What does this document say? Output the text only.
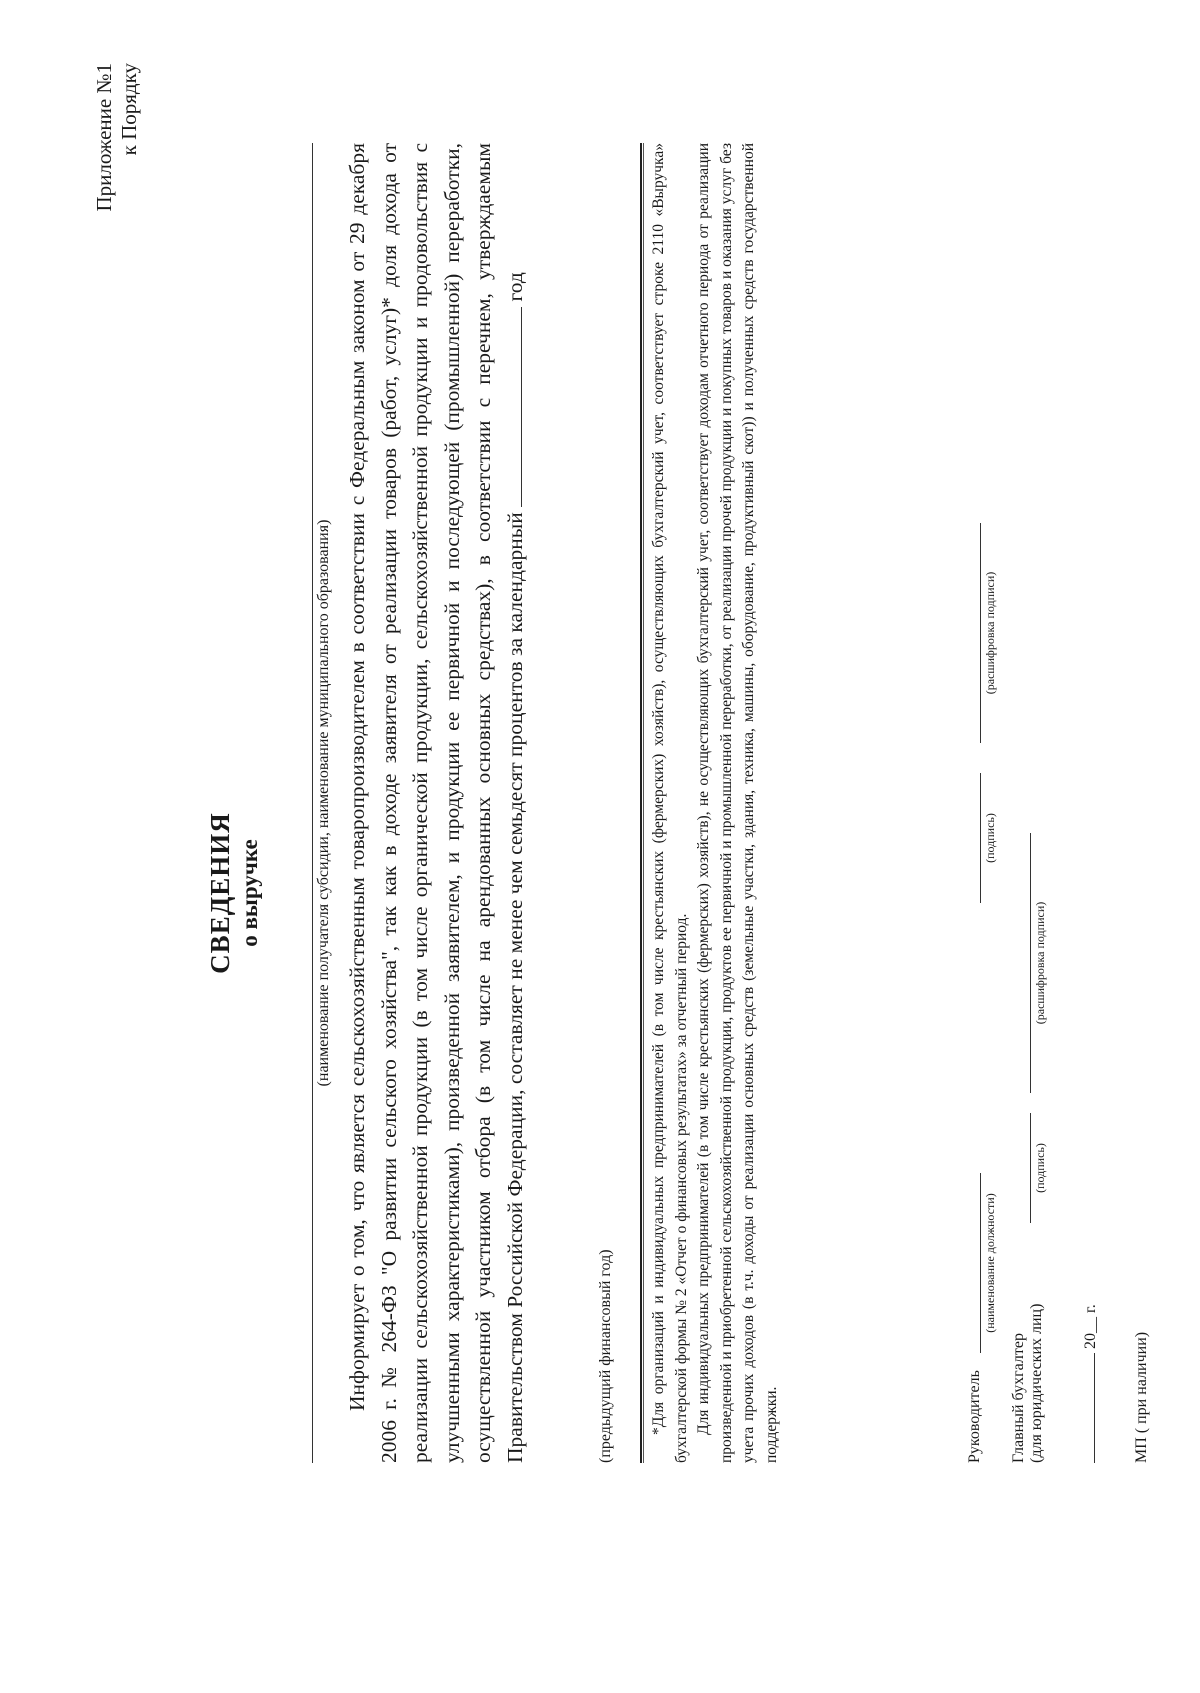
Приложение №1 к Порядку
СВЕДЕНИЯ о выручке	(наименование получателя субсидии, наименование муниципального образования) Информирует о том, что является сельскохозяйственным товаропроизводителем в соответствии с Федеральным законом от 29 декабря 2006 г. № 264-ФЗ "О развитии сельского хозяйства", так как в доходе заявителя от реализации товаров (работ, услуг)* доля дохода от реализации сельскохозяйственной продукции (в том числе органической продукции, сельскохозяйственной продукции и продовольствия с улучшенными характеристиками), произведенной заявителем, и продукции ее первичной и последующей (промышленной) переработки, осуществленной участником отбора (в том числе на арендованных основных средствах), в соответствии с перечнем, утверждаемым Правительством Российской Федерации, составляет не менее чем семьдесят процентов за календарный  год

(предыдущий финансовый год) *Для организаций и индивидуальных предпринимателей (в том числе крестьянских (фермерских) хозяйств), осуществляющих бухгалтерский учет, соответствует строке 2110 «Выручка» бухгалтерской формы № 2 «Отчет о финансовых результатах» за отчетный период. Для индивидуальных предпринимателей (в том числе крестьянских (фермерских) хозяйств), не осуществляющих бухгалтерский учет, соответствует доходам отчетного периода от реализации произведенной и приобретенной сельскохозяйственной продукции, продуктов ее первичной и промышленной переработки, от реализации прочей продукции и покупных товаров и оказания услуг без учета прочих доходов (в т.ч. доходы от реализации основных средств (земельные участки, здания, техника, машины, оборудование, продуктивный скот)) и полученных средств государственной поддержки.	Руководитель
(наименование должности)
(подпись)
(расшифровка подписи)
Главный бухгалтер (для юридических лиц)
(подпись)
(расшифровка подписи)
20__ г.
МП ( при наличии)
